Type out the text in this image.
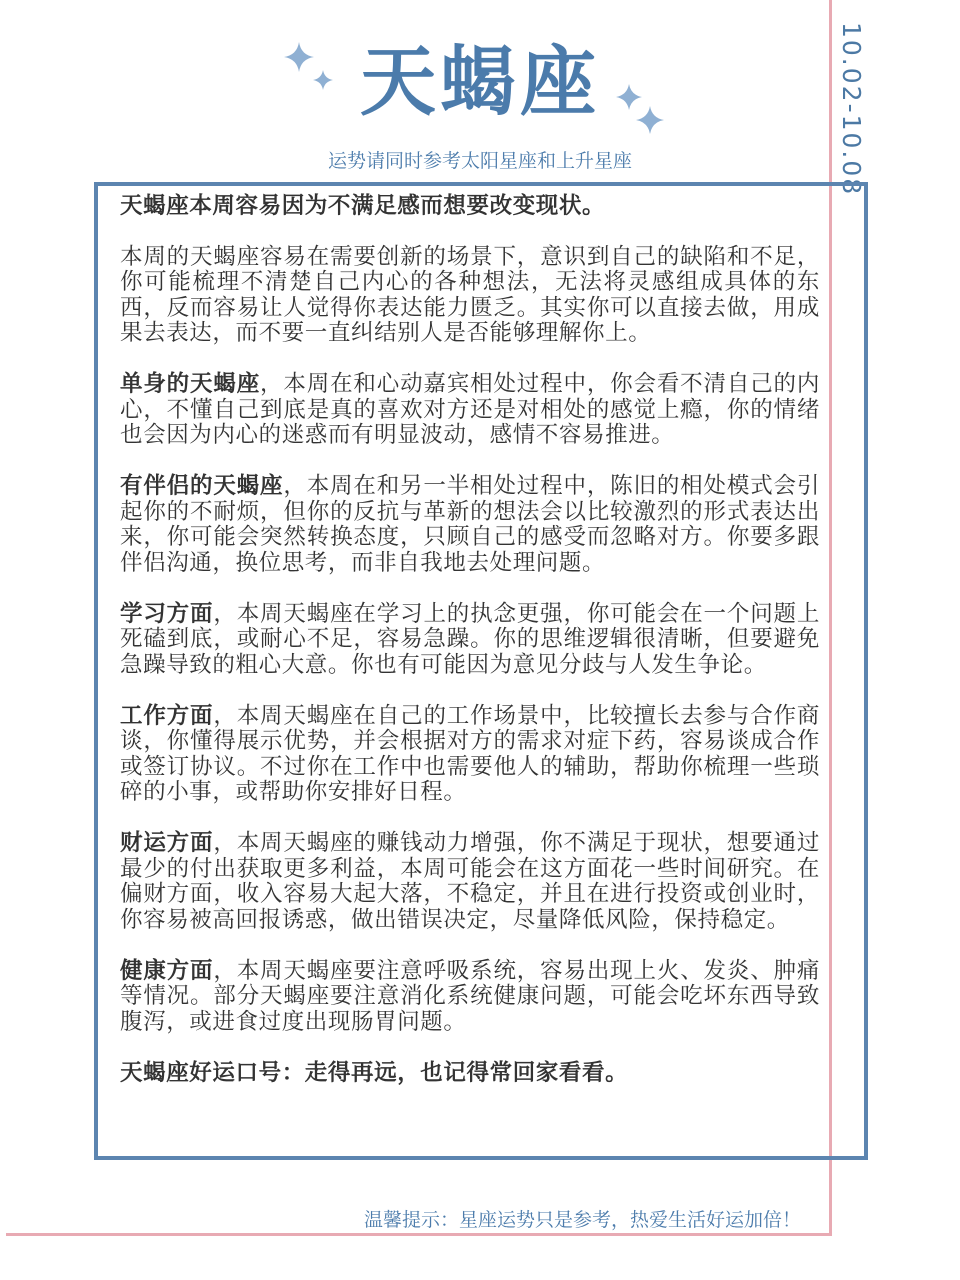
10.02-10.08
天蝎座
运势请同时参考太阳星座和上升星座

天蝎座本周容易因为不满足感而想要改变现状。

本周的天蝎座容易在需要创新的场景下，意识到自己的缺陷和不足，你可能梳理不清楚自己内心的各种想法，无法将灵感组成具体的东西，反而容易让人觉得你表达能力匮乏。其实你可以直接去做，用成果去表达，而不要一直纠结别人是否能够理解你上。

单身的天蝎座，本周在和心动嘉宾相处过程中，你会看不清自己的内心，不懂自己到底是真的喜欢对方还是对相处的感觉上瘾，你的情绪也会因为内心的迷惑而有明显波动，感情不容易推进。

有伴侣的天蝎座，本周在和另一半相处过程中，陈旧的相处模式会引起你的不耐烦，但你的反抗与革新的想法会以比较激烈的形式表达出来，你可能会突然转换态度，只顾自己的感受而忽略对方。你要多跟伴侣沟通，换位思考，而非自我地去处理问题。

学习方面，本周天蝎座在学习上的执念更强，你可能会在一个问题上死磕到底，或耐心不足，容易急躁。你的思维逻辑很清晰，但要避免急躁导致的粗心大意。你也有可能因为意见分歧与人发生争论。

工作方面，本周天蝎座在自己的工作场景中，比较擅长去参与合作商谈，你懂得展示优势，并会根据对方的需求对症下药，容易谈成合作或签订协议。不过你在工作中也需要他人的辅助，帮助你梳理一些琐碎的小事，或帮助你安排好日程。

财运方面，本周天蝎座的赚钱动力增强，你不满足于现状，想要通过最少的付出获取更多利益，本周可能会在这方面花一些时间研究。在偏财方面，收入容易大起大落，不稳定，并且在进行投资或创业时，你容易被高回报诱惑，做出错误决定，尽量降低风险，保持稳定。

健康方面，本周天蝎座要注意呼吸系统，容易出现上火、发炎、肿痛等情况。部分天蝎座要注意消化系统健康问题，可能会吃坏东西导致腹泻，或进食过度出现肠胃问题。

天蝎座好运口号：走得再远，也记得常回家看看。

温馨提示：星座运势只是参考，热爱生活好运加倍！
